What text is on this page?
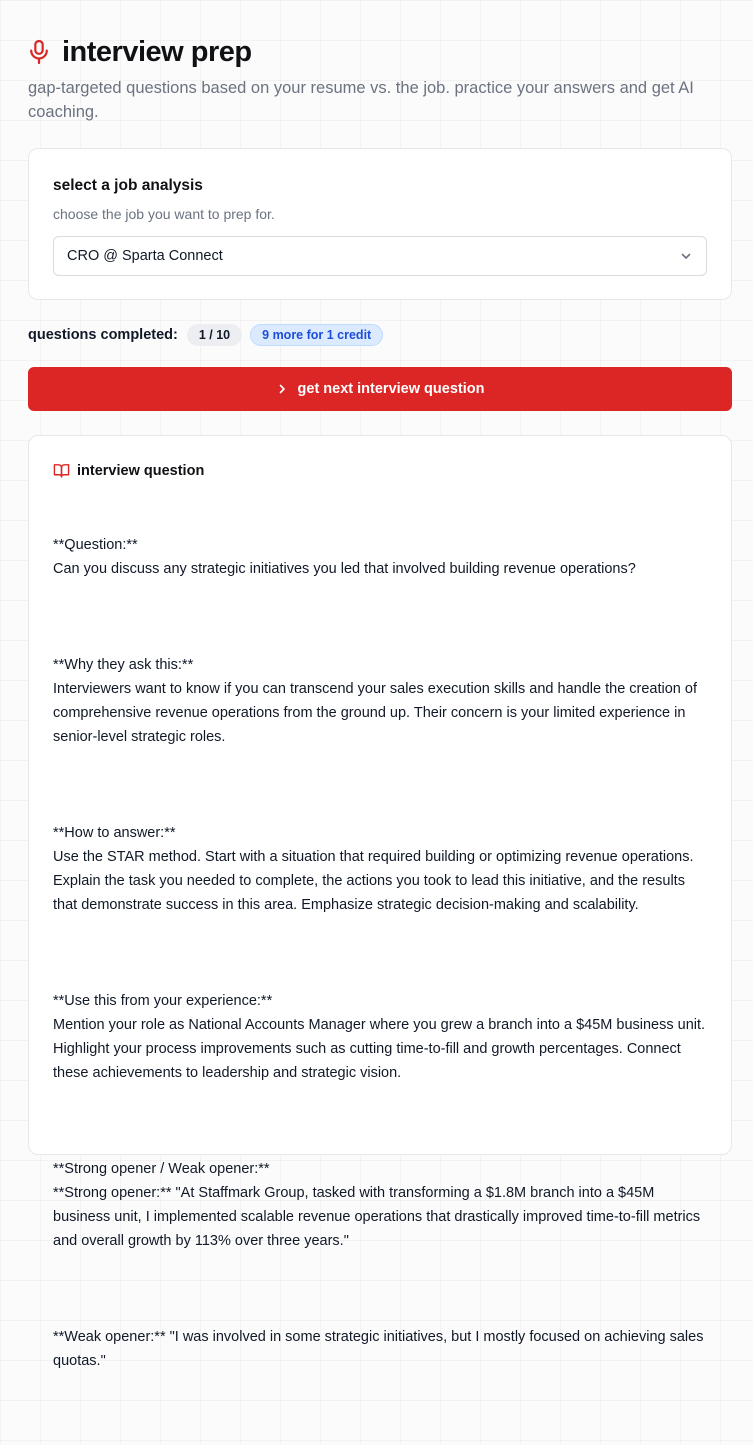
interview prep

gap-targeted questions based on your resume vs. the job. practice your answers and get AI coaching.

select a job analysis
choose the job you want to prep for.
CRO @ Sparta Connect
questions completed:	1 / 10	9 more for 1 credit
get next interview question
interview question

**Question:**
Can you discuss any strategic initiatives you led that involved building revenue operations?

**Why they ask this:**
Interviewers want to know if you can transcend your sales execution skills and handle the creation of comprehensive revenue operations from the ground up. Their concern is your limited experience in senior-level strategic roles.

**How to answer:**
Use the STAR method. Start with a situation that required building or optimizing revenue operations. Explain the task you needed to complete, the actions you took to lead this initiative, and the results that demonstrate success in this area. Emphasize strategic decision-making and scalability.

**Use this from your experience:**
Mention your role as National Accounts Manager where you grew a branch into a $45M business unit. Highlight your process improvements such as cutting time-to-fill and growth percentages. Connect these achievements to leadership and strategic vision.

**Strong opener / Weak opener:**
**Strong opener:** "At Staffmark Group, tasked with transforming a $1.8M branch into a $45M business unit, I implemented scalable revenue operations that drastically improved time-to-fill metrics and overall growth by 113% over three years."

**Weak opener:** "I was involved in some strategic initiatives, but I mostly focused on achieving sales quotas."
